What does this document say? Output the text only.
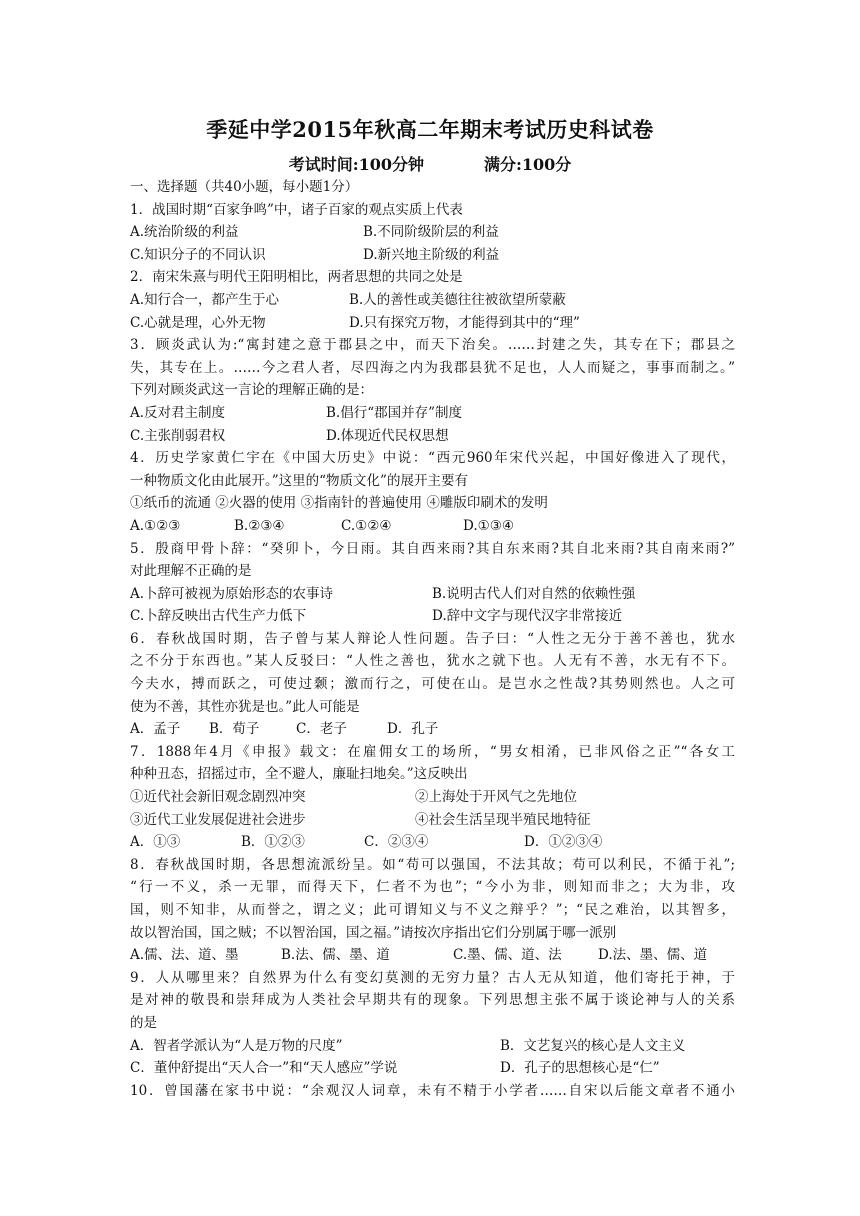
季延中学2015年秋高二年期末考试历史科试卷
考试时间:100分钟	满分:100分
一、选择题（共40小题，每小题1分）
1．战国时期“百家争鸣”中，诸子百家的观点实质上代表
A.统治阶级的利益	B.不同阶级阶层的利益
C.知识分子的不同认识	D.新兴地主阶级的利益
2．南宋朱熹与明代王阳明相比，两者思想的共同之处是
A.知行合一，都产生于心	B.人的善性或美德往往被欲望所蒙蔽
C.心就是理，心外无物	D.只有探究万物，才能得到其中的“理”
3．顾炎武认为:“寓封建之意于郡县之中，而天下治矣。……封建之失，其专在下；郡县之
失，其专在上。……今之君人者，尽四海之内为我郡县犹不足也，人人而疑之，事事而制之。”
下列对顾炎武这一言论的理解正确的是：
A.反对君主制度	B.倡行“郡国并存”制度
C.主张削弱君权	D.体现近代民权思想
4．历史学家黄仁宇在《中国大历史》中说：“西元960年宋代兴起，中国好像进入了现代，
一种物质文化由此展开。”这里的“物质文化”的展开主要有
①纸币的流通 ②火器的使用 ③指南针的普遍使用 ④雕版印刷术的发明
A.①②③	B.②③④	C.①②④	D.①③④
5．殷商甲骨卜辞：“癸卯卜，今日雨。其自西来雨?其自东来雨?其自北来雨?其自南来雨?”
对此理解不正确的是
A.卜辞可被视为原始形态的农事诗	B.说明古代人们对自然的依赖性强
C.卜辞反映出古代生产力低下	D.辞中文字与现代汉字非常接近
6．春秋战国时期，告子曾与某人辩论人性问题。告子曰：“人性之无分于善不善也，犹水
之不分于东西也。”某人反驳曰：“人性之善也，犹水之就下也。人无有不善，水无有不下。
今夫水，搏而跃之，可使过颡；激而行之，可使在山。是岂水之性哉?其势则然也。人之可
使为不善，其性亦犹是也。”此人可能是
A．孟子 B．荀子	C．老子	D．孔子
7．1888年4月《申报》载文：在雇佣女工的场所，“男女相淆，已非风俗之正”“各女工
种种丑态，招摇过市，全不避人，廉耻扫地矣。”这反映出
①近代社会新旧观念剧烈冲突	②上海处于开风气之先地位
③近代工业发展促进社会进步	④社会生活呈现半殖民地特征
A．①③	B．①②③	C．②③④	D．①②③④
8．春秋战国时期，各思想流派纷呈。如“苟可以强国，不法其故；苟可以利民，不循于礼”;
“行一不义，杀一无罪，而得天下，仁者不为也”；“今小为非，则知而非之；大为非，攻
国，则不知非，从而誉之，谓之义；此可谓知义与不义之辩乎？”；“民之难治，以其智多，
故以智治国，国之贼；不以智治国，国之福。”请按次序指出它们分别属于哪一派别
A.儒、法、道、墨	B.法、儒、墨、道	C.墨、儒、道、法	D.法、墨、儒、道
9．人从哪里来？自然界为什么有变幻莫测的无穷力量？古人无从知道，他们寄托于神，于
是对神的敬畏和崇拜成为人类社会早期共有的现象。下列思想主张不属于谈论神与人的关系
的是
A．智者学派认为“人是万物的尺度”	B．文艺复兴的核心是人文主义
C．董仲舒提出“天人合一”和“天人感应”学说	D．孔子的思想核心是“仁”
10．曾国藩在家书中说：“余观汉人词章，未有不精于小学者……自宋以后能文章者不通小
